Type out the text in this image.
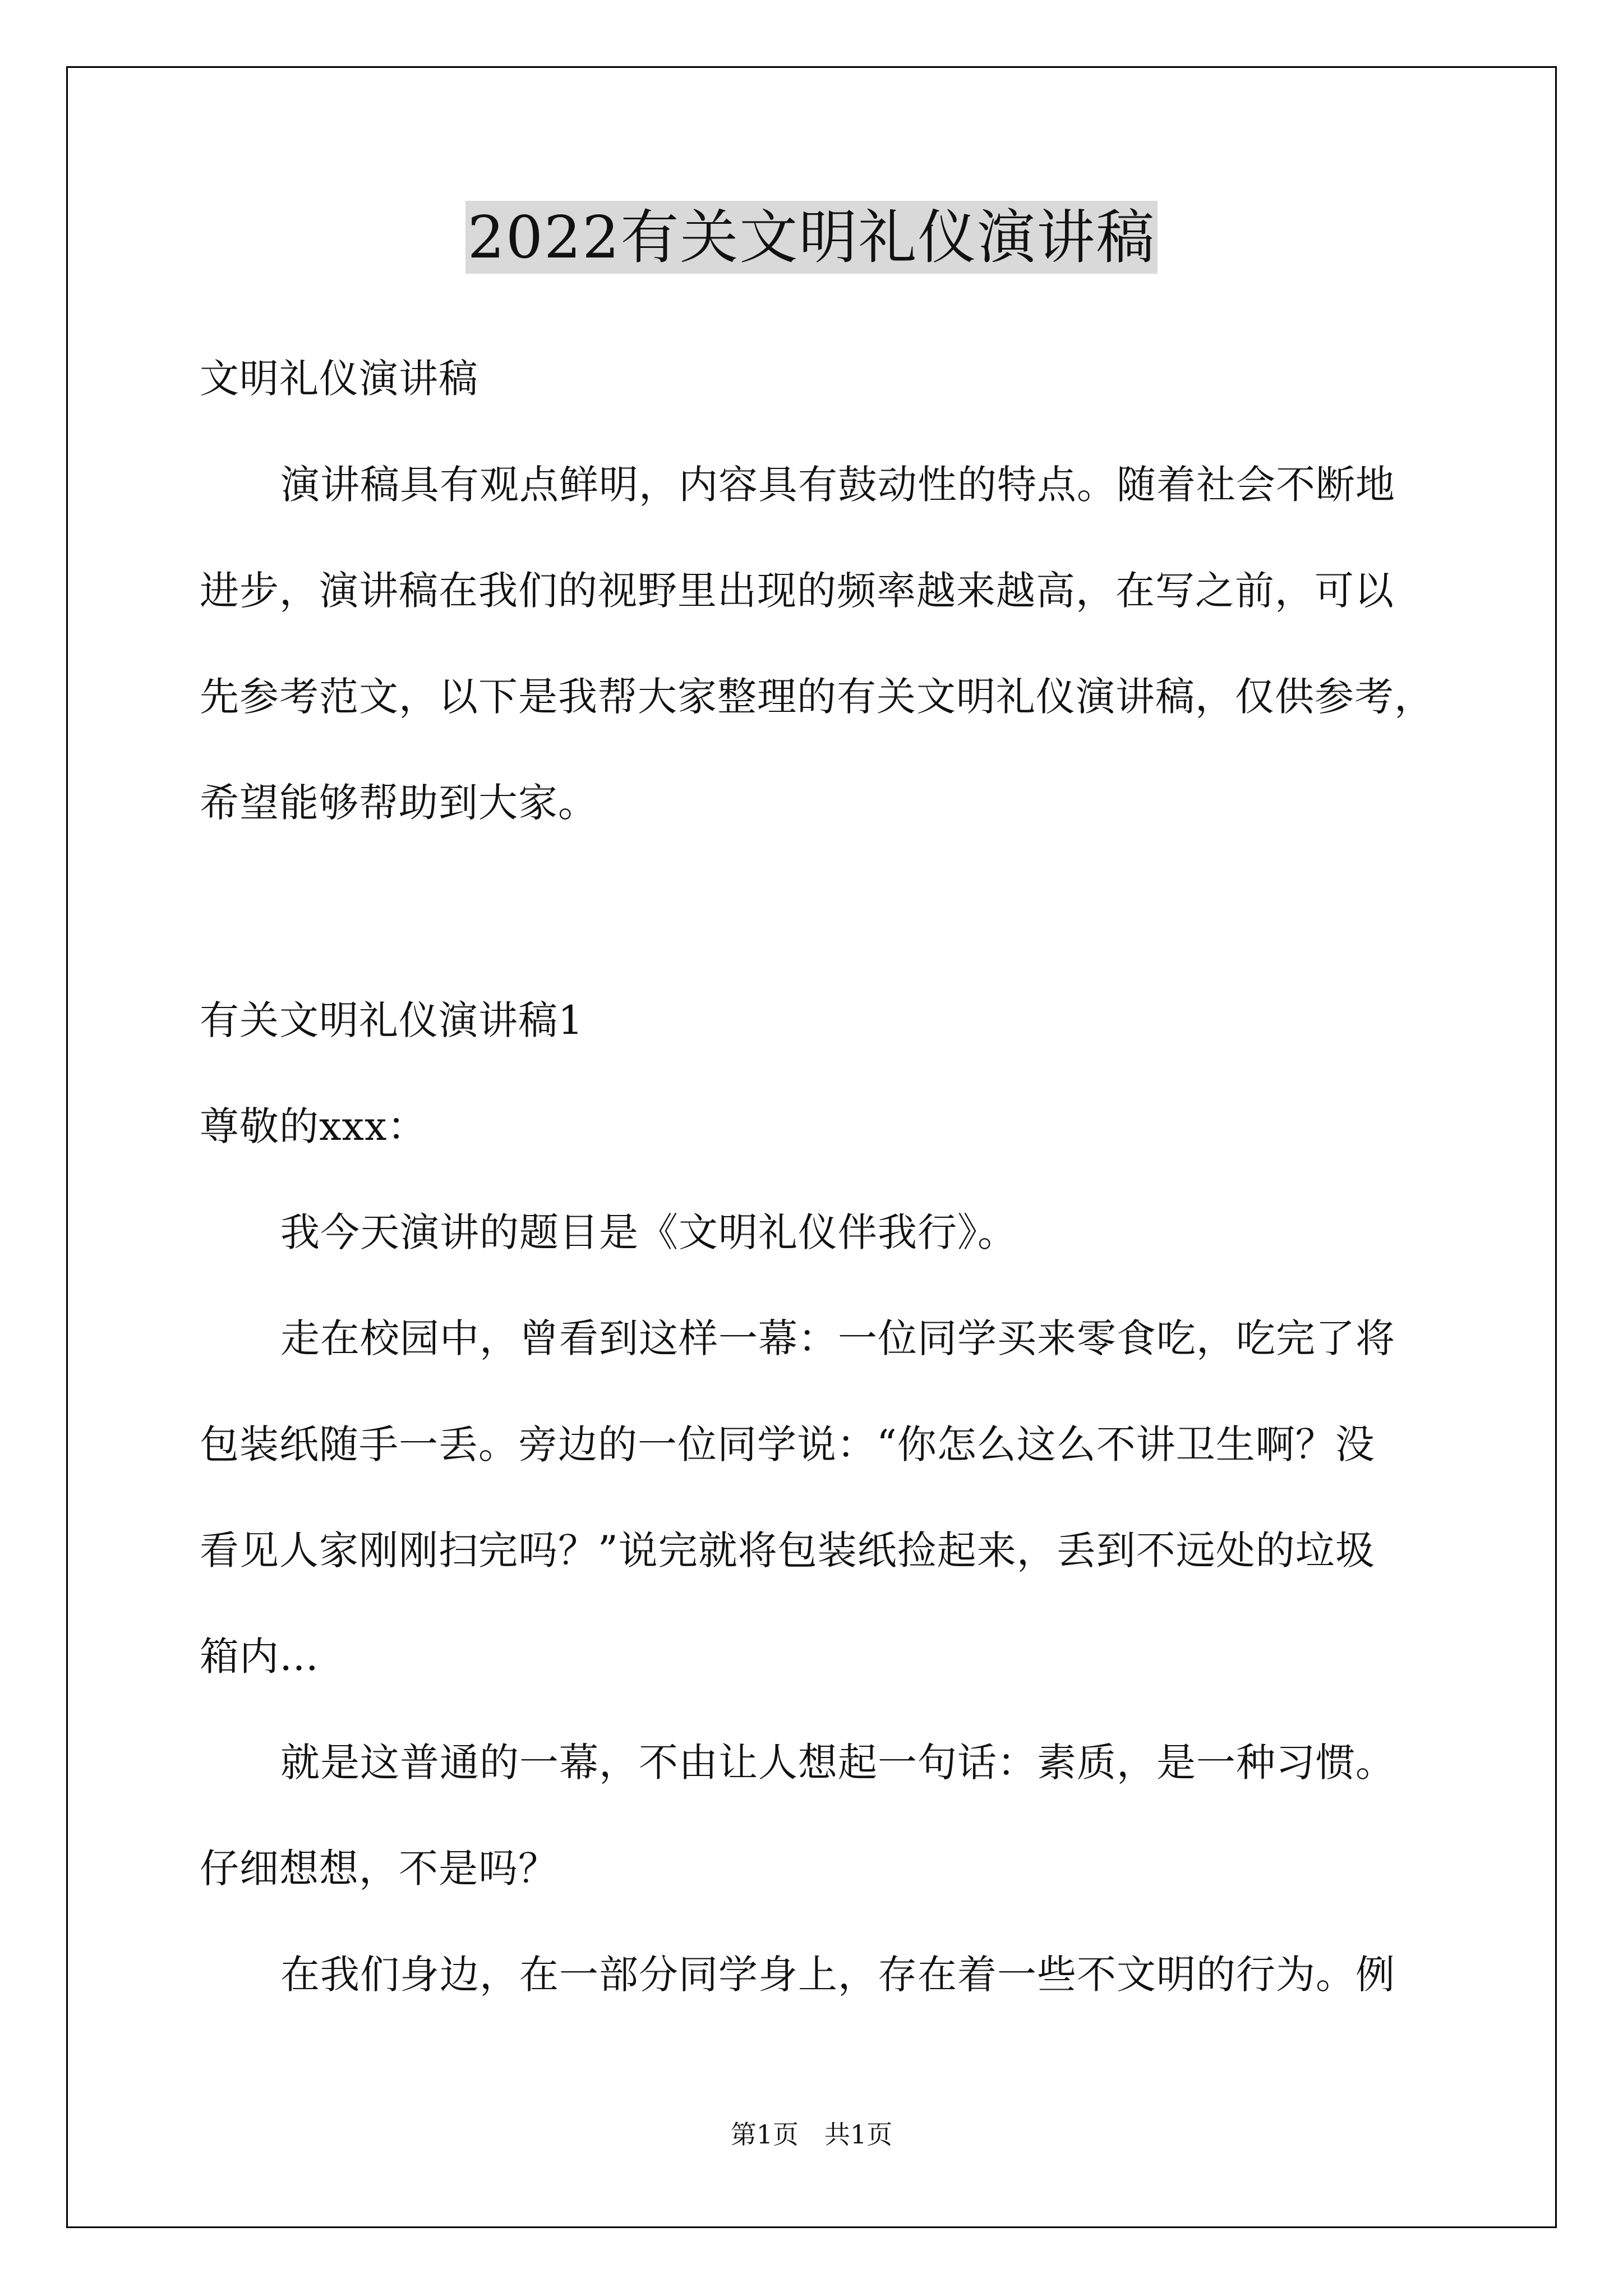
2022有关文明礼仪演讲稿
文明礼仪演讲稿
演讲稿具有观点鲜明，内容具有鼓动性的特点。随着社会不断地
进步，演讲稿在我们的视野里出现的频率越来越高，在写之前，可以
先参考范文，以下是我帮大家整理的有关文明礼仪演讲稿，仅供参考，
希望能够帮助到大家。
有关文明礼仪演讲稿1
尊敬的xxx：
我今天演讲的题目是《文明礼仪伴我行》。
走在校园中，曾看到这样一幕：一位同学买来零食吃，吃完了将
包装纸随手一丢。旁边的一位同学说：“你怎么这么不讲卫生啊？没
看见人家刚刚扫完吗？”说完就将包装纸捡起来，丢到不远处的垃圾
箱内…
就是这普通的一幕，不由让人想起一句话：素质，是一种习惯。
仔细想想，不是吗？
在我们身边，在一部分同学身上，存在着一些不文明的行为。例
第1页　共1页
